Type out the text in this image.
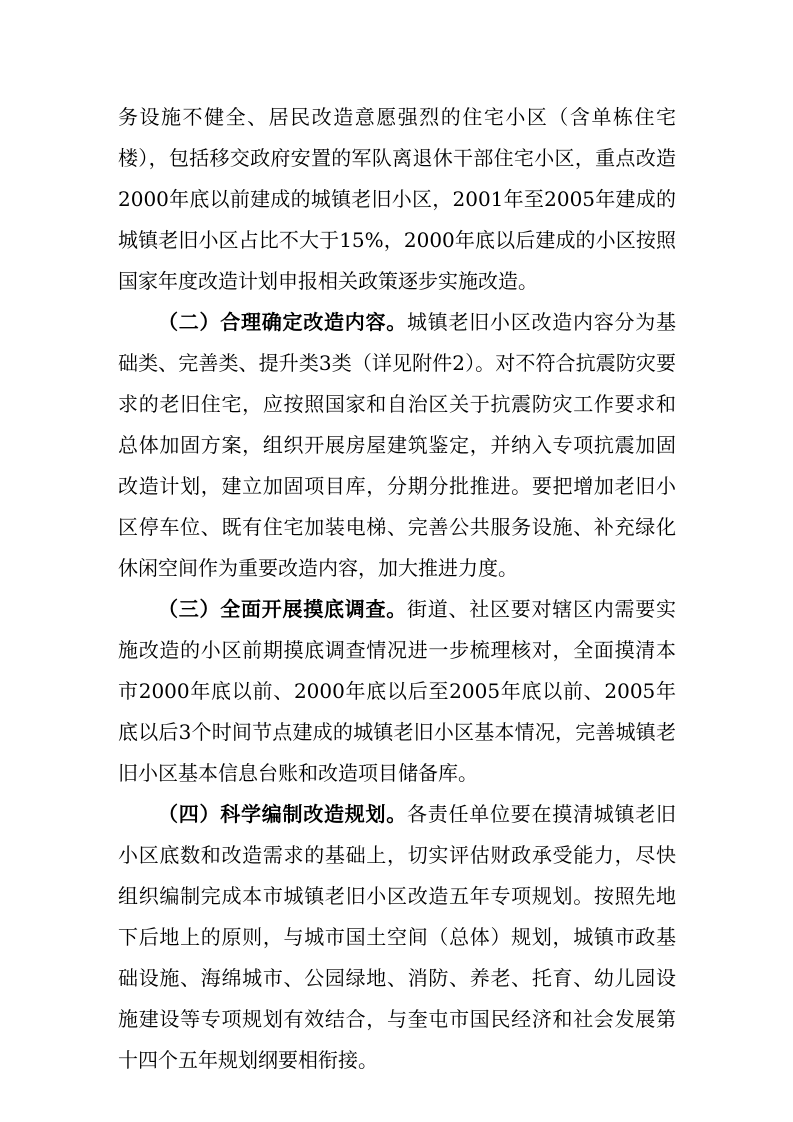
务设施不健全、居民改造意愿强烈的住宅小区（含单栋住宅楼），包括移交政府安置的军队离退休干部住宅小区，重点改造2000年底以前建成的城镇老旧小区，2001年至2005年建成的城镇老旧小区占比不大于15%，2000年底以后建成的小区按照国家年度改造计划申报相关政策逐步实施改造。

（二）合理确定改造内容。城镇老旧小区改造内容分为基础类、完善类、提升类3类（详见附件2）。对不符合抗震防灾要求的老旧住宅，应按照国家和自治区关于抗震防灾工作要求和总体加固方案，组织开展房屋建筑鉴定，并纳入专项抗震加固改造计划，建立加固项目库，分期分批推进。要把增加老旧小区停车位、既有住宅加装电梯、完善公共服务设施、补充绿化休闲空间作为重要改造内容，加大推进力度。

（三）全面开展摸底调查。街道、社区要对辖区内需要实施改造的小区前期摸底调查情况进一步梳理核对，全面摸清本市2000年底以前、2000年底以后至2005年底以前、2005年底以后3个时间节点建成的城镇老旧小区基本情况，完善城镇老旧小区基本信息台账和改造项目储备库。

（四）科学编制改造规划。各责任单位要在摸清城镇老旧小区底数和改造需求的基础上，切实评估财政承受能力，尽快组织编制完成本市城镇老旧小区改造五年专项规划。按照先地下后地上的原则，与城市国土空间（总体）规划，城镇市政基础设施、海绵城市、公园绿地、消防、养老、托育、幼儿园设施建设等专项规划有效结合，与奎屯市国民经济和社会发展第十四个五年规划纲要相衔接。
